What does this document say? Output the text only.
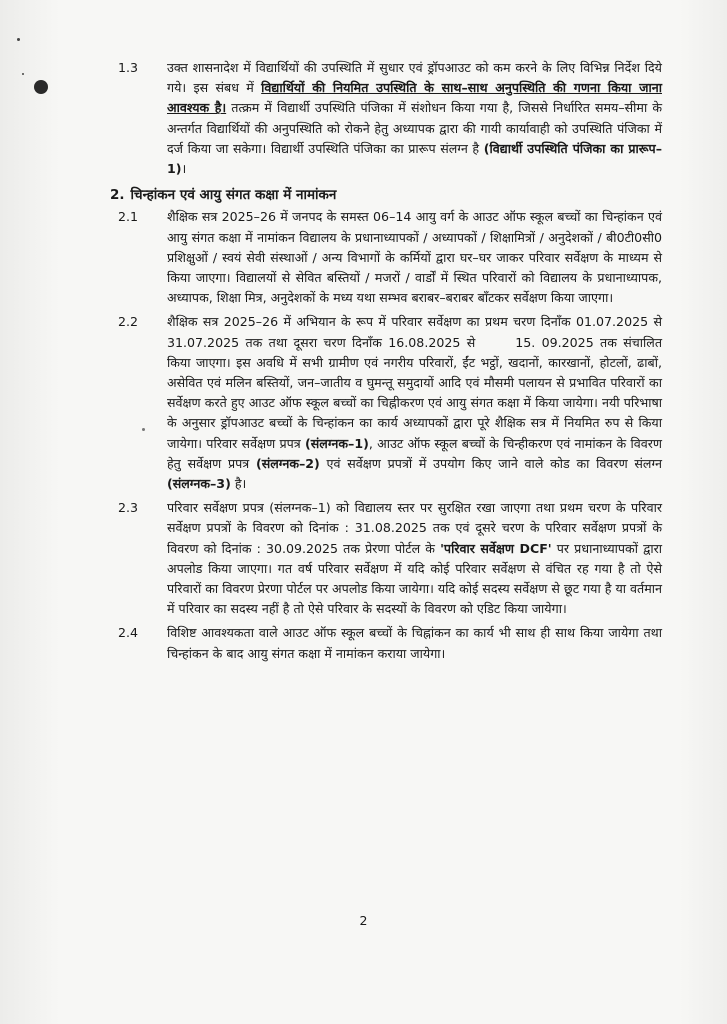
1.3 उक्त शासनादेश में विद्यार्थियों की उपस्थिति में सुधार एवं ड्रॉपआउट को कम करने के लिए विभिन्न निर्देश दिये गये। इस संबध में विद्यार्थियों की नियमित उपस्थिति के साथ–साथ अनुपस्थिति की गणना किया जाना आवश्यक है। तत्क्रम में विद्यार्थी उपस्थिति पंजिका में संशोधन किया गया है, जिससे निर्धारित समय–सीमा के अन्तर्गत विद्यार्थियों की अनुपस्थिति को रोकने हेतु अध्यापक द्वारा की गायी कार्यावाही को उपस्थिति पंजिका में दर्ज किया जा सकेगा। विद्यार्थी उपस्थिति पंजिका का प्रारूप संलग्न है (विद्यार्थी उपस्थिति पंजिका का प्रारूप–1)।
2. चिन्हांकन एवं आयु संगत कक्षा में नामांकन
2.1 शैक्षिक सत्र 2025–26 में जनपद के समस्त 06–14 आयु वर्ग के आउट ऑफ स्कूल बच्चों का चिन्हांकन एवं आयु संगत कक्षा में नामांकन विद्यालय के प्रधानाध्यापकों / अध्यापकों / शिक्षामित्रों / अनुदेशकों / बी0टी0सी0 प्रशिक्षुओं / स्वयं सेवी संस्थाओं / अन्य विभागों के कर्मियों द्वारा घर–घर जाकर परिवार सर्वेक्षण के माध्यम से किया जाएगा। विद्यालयों से सेवित बस्तियों / मजरों / वार्डों में स्थित परिवारों को विद्यालय के प्रधानाध्यापक, अध्यापक, शिक्षा मित्र, अनुदेशकों के मध्य यथा सम्भव बराबर–बराबर बाँटकर सर्वेक्षण किया जाएगा।
2.2 शैक्षिक सत्र 2025–26 में अभियान के रूप में परिवार सर्वेक्षण का प्रथम चरण दिनाँक 01.07.2025 से 31.07.2025 तक तथा दूसरा चरण दिनाँक 16.08.2025 से	15. 09.2025 तक संचालित किया जाएगा। इस अवधि में सभी ग्रामीण एवं नगरीय परिवारों, ईंट भट्ठों, खदानों, कारखानों, होटलों, ढाबों, असेवित एवं मलिन बस्तियों, जन–जातीय व घुमन्तू समुदायों आदि एवं मौसमी पलायन से प्रभावित परिवारों का सर्वेक्षण करते हुए आउट ऑफ स्कूल बच्चों का चिह्नीकरण एवं आयु संगत कक्षा में किया जायेगा। नयी परिभाषा के अनुसार ड्रॉपआउट बच्चों के चिन्हांकन का कार्य अध्यापकों द्वारा पूरे शैक्षिक सत्र में नियमित रुप से किया जायेगा। परिवार सर्वेक्षण प्रपत्र (संलग्नक–1), आउट ऑफ स्कूल बच्चों के चिन्हीकरण एवं नामांकन के विवरण हेतु सर्वेक्षण प्रपत्र (संलग्नक–2) एवं सर्वेक्षण प्रपत्रों में उपयोग किए जाने वाले कोड का विवरण संलग्न (संलग्नक–3) है।
2.3 परिवार सर्वेक्षण प्रपत्र (संलग्नक–1) को विद्यालय स्तर पर सुरक्षित रखा जाएगा तथा प्रथम चरण के परिवार सर्वेक्षण प्रपत्रों के विवरण को दिनांक : 31.08.2025 तक एवं दूसरे चरण के परिवार सर्वेक्षण प्रपत्रों के विवरण को दिनांक : 30.09.2025 तक प्रेरणा पोर्टल के 'परिवार सर्वेक्षण DCF' पर प्रधानाध्यापकों द्वारा अपलोड किया जाएगा। गत वर्ष परिवार सर्वेक्षण में यदि कोई परिवार सर्वेक्षण से वंचित रह गया है तो ऐसे परिवारों का विवरण प्रेरणा पोर्टल पर अपलोड किया जायेगा। यदि कोई सदस्य सर्वेक्षण से छूट गया है या वर्तमान में परिवार का सदस्य नहीं है तो ऐसे परिवार के सदस्यों के विवरण को एडिट किया जायेगा।
2.4 विशिष्ट आवश्यकता वाले आउट ऑफ स्कूल बच्चों के चिह्नांकन का कार्य भी साथ ही साथ किया जायेगा तथा चिन्हांकन के बाद आयु संगत कक्षा में नामांकन कराया जायेगा।
2
